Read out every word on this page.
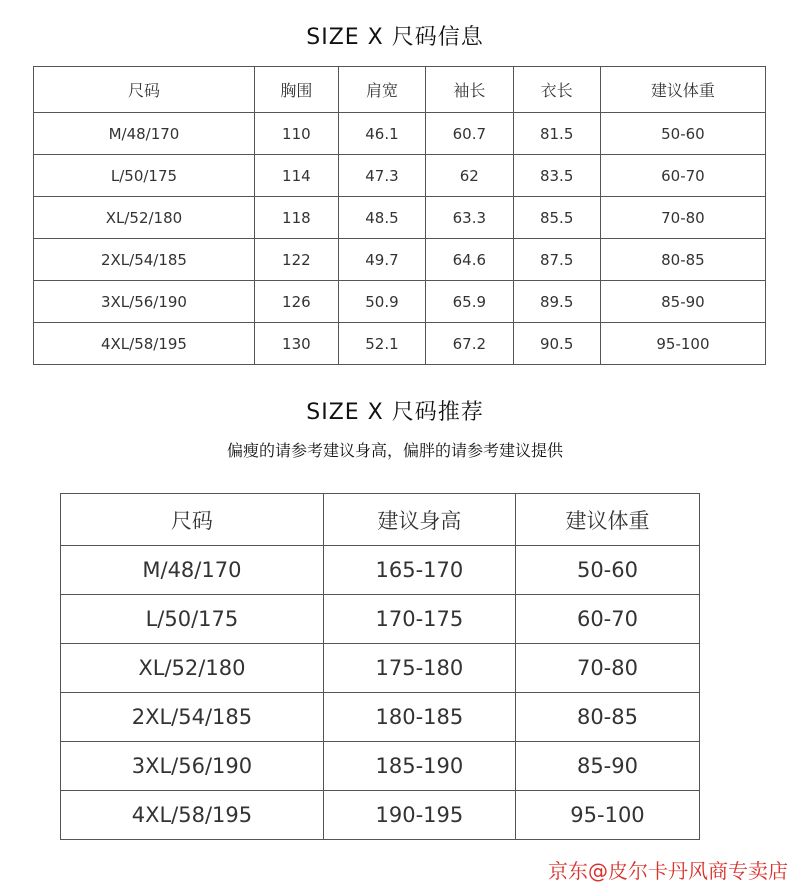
SIZE X 尺码信息
尺码	胸围	肩宽	袖长	衣长	建议体重
M/48/170	110	46.1	60.7	81.5	50-60
L/50/175	114	47.3	62	83.5	60-70
XL/52/180	118	48.5	63.3	85.5	70-80
2XL/54/185	122	49.7	64.6	87.5	80-85
3XL/56/190	126	50.9	65.9	89.5	85-90
4XL/58/195	130	52.1	67.2	90.5	95-100
SIZE X 尺码推荐
偏瘦的请参考建议身高，偏胖的请参考建议提供
尺码	建议身高	建议体重
M/48/170	165-170	50-60
L/50/175	170-175	60-70
XL/52/180	175-180	70-80
2XL/54/185	180-185	80-85
3XL/56/190	185-190	85-90
4XL/58/195	190-195	95-100
京东@皮尔卡丹风商专卖店
